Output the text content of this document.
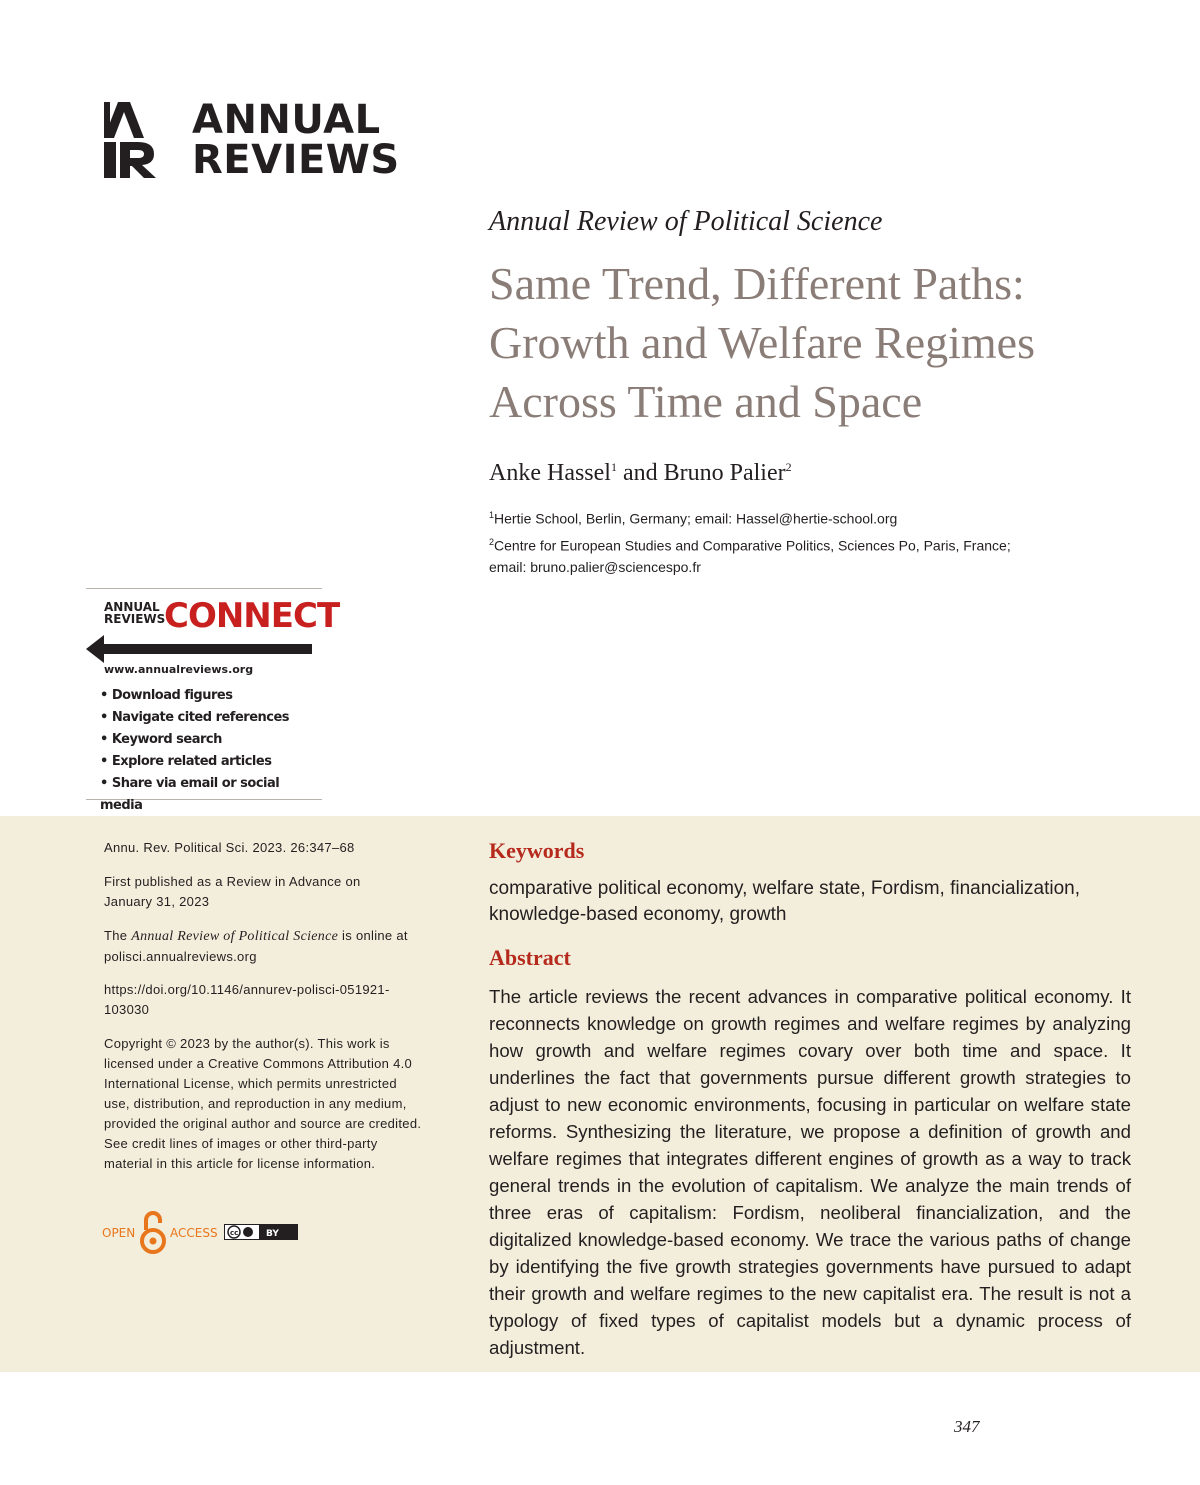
ANNUAL
REVIEWS
Annual Review of Political Science
Same Trend, Different Paths:
Growth and Welfare Regimes
Across Time and Space
Anke Hassel$^1$ and Bruno Palier$^2$
$^1$Hertie School, Berlin, Germany; email: Hassel@hertie-school.org
$^2$Centre for European Studies and Comparative Politics, Sciences Po, Paris, France;
email: bruno.palier@sciencespo.fr
ANNUAL
REVIEWS
CONNECT
www.annualreviews.org
• Download figures
• Navigate cited references
• Keyword search
• Explore related articles
• Share via email or social media
Annu. Rev. Political Sci. 2023. 26:347–68
First published as a Review in Advance on
January 31, 2023
The Annual Review of Political Science is online at
polisci.annualreviews.org
https://doi.org/10.1146/annurev-polisci-051921-
103030
Copyright © 2023 by the author(s). This work is
licensed under a Creative Commons Attribution 4.0
International License, which permits unrestricted
use, distribution, and reproduction in any medium,
provided the original author and source are credited.
See credit lines of images or other third-party
material in this article for license information.
OPEN	ACCESS cc	BY
Keywords
comparative political economy, welfare state, Fordism, financialization,
knowledge-based economy, growth
Abstract

The article reviews the recent advances in comparative political economy. It reconnects knowledge on growth regimes and welfare regimes by analyzing how growth and welfare regimes covary over both time and space. It underlines the fact that governments pursue different growth strategies to adjust to new economic environments, focusing in particular on welfare state reforms. Synthesizing the literature, we propose a definition of growth and welfare regimes that integrates different engines of growth as a way to track general trends in the evolution of capitalism. We analyze the main trends of three eras of capitalism: Fordism, neoliberal financialization, and the digitalized knowledge-based economy. We trace the various paths of change by identifying the five growth strategies governments have pursued to adapt their growth and welfare regimes to the new capitalist era. The result is not a typology of fixed types of capitalist models but a dynamic process of adjustment.

347
